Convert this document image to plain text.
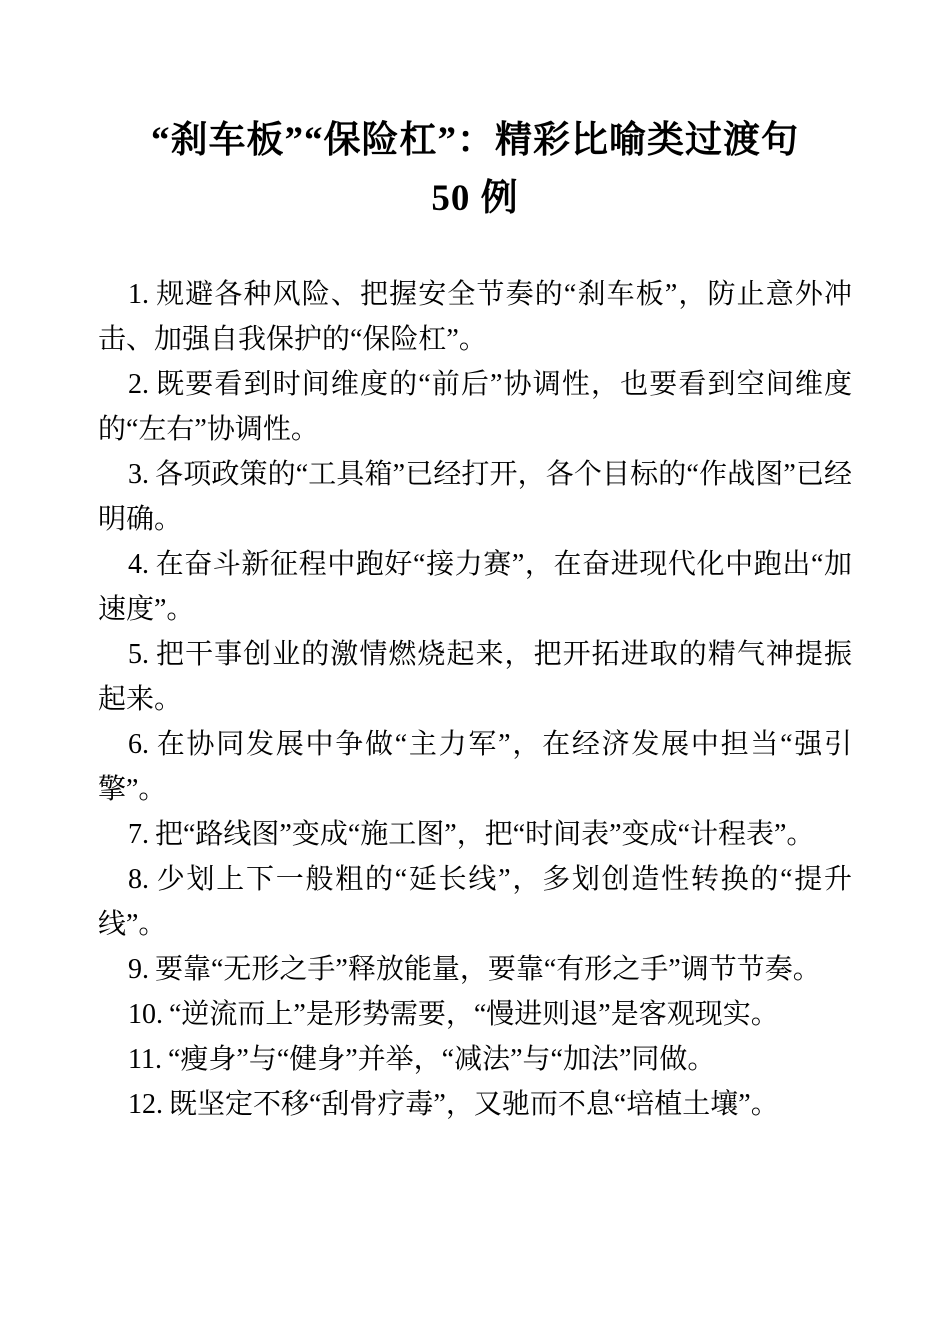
“刹车板”“保险杠”：精彩比喻类过渡句
50 例

1. 规避各种风险、把握安全节奏的“刹车板”，防止意外冲击、加强自我保护的“保险杠”。

2. 既要看到时间维度的“前后”协调性，也要看到空间维度的“左右”协调性。

3. 各项政策的“工具箱”已经打开，各个目标的“作战图”已经明确。

4. 在奋斗新征程中跑好“接力赛”，在奋进现代化中跑出“加速度”。

5. 把干事创业的激情燃烧起来，把开拓进取的精气神提振起来。

6. 在协同发展中争做“主力军”，在经济发展中担当“强引擎”。

7. 把“路线图”变成“施工图”，把“时间表”变成“计程表”。

8. 少划上下一般粗的“延长线”，多划创造性转换的“提升线”。

9. 要靠“无形之手”释放能量，要靠“有形之手”调节节奏。

10. “逆流而上”是形势需要，“慢进则退”是客观现实。

11. “瘦身”与“健身”并举，“减法”与“加法”同做。

12. 既坚定不移“刮骨疗毒”，又驰而不息“培植土壤”。
